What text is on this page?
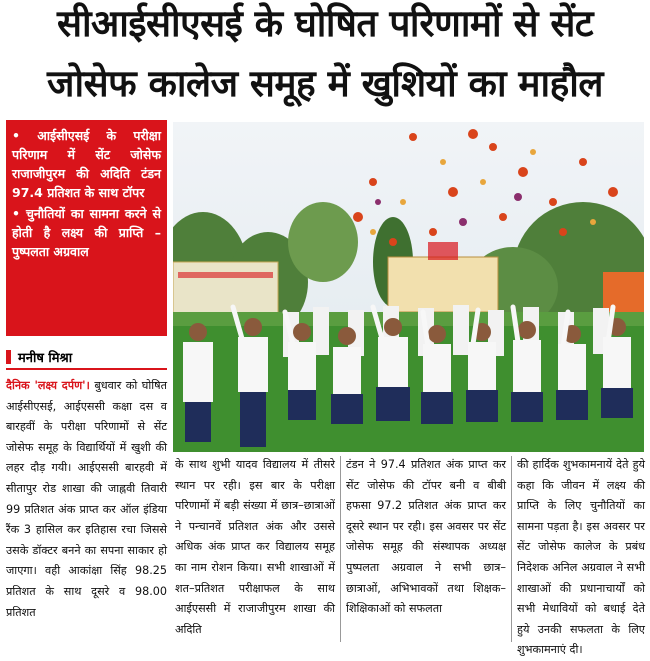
सीआईसीएसई के घोषित परिणामों से सेंट
जोसेफ कालेज समूह में खुशियों का माहौल

• आईसीएसई के परीक्षा परिणाम में सेंट जोसेफ राजाजीपुरम की अदिति टंडन 97.4 प्रतिशत के साथ टॉपर

• चुनौतियों का सामना करने से होती है लक्ष्य की प्राप्ति – पुष्पलता अग्रवाल

मनीष मिश्रा
दैनिक 'लक्ष्य दर्पण'। बुधवार को घोषित आईसीएसई, आईएससी कक्षा दस व बारहवीं के परीक्षा परिणामों से सेंट जोसेफ समूह के विद्यार्थियों में खुशी की लहर दौड़ गयी। आईएससी बारहवी में सीतापुर रोड शाखा की जाह्नवी तिवारी 99 प्रतिशत अंक प्राप्त कर ऑल इंडिया रैंक 3 हासिल कर इतिहास रचा जिससे उसके डॉक्टर बनने का सपना साकार हो जाएगा। वही आकांक्षा सिंह 98.25 प्रतिशत के साथ दूसरे व 98.00 प्रतिशत
के साथ शुभी यादव विद्यालय में तीसरे स्थान पर रही। इस बार के परीक्षा परिणामों में बड़ी संख्या में छात्र–छात्राओं ने पन्चानवें प्रतिशत अंक और उससे अधिक अंक प्राप्त कर विद्यालय समूह का नाम रोशन किया। सभी शाखाओं में शत–प्रतिशत परीक्षाफल के साथ आईएससी में राजाजीपुरम शाखा की अदिति
टंडन ने 97.4 प्रतिशत अंक प्राप्त कर सेंट जोसेफ की टॉपर बनी व बीबी हफसा 97.2 प्रतिशत अंक प्राप्त कर दूसरे स्थान पर रही। इस अवसर पर सेंट जोसेफ समूह की संस्थापक अध्यक्ष पुष्पलता अग्रवाल ने सभी छात्र–छात्राओं, अभिभावकों तथा शिक्षक–शिक्षिकाओं को सफलता
की हार्दिक शुभकामनायें देते हुये कहा कि जीवन में लक्ष्य की प्राप्ति के लिए चुनौतियों का सामना पड़ता है। इस अवसर पर सेंट जोसेफ कालेज के प्रबंध निदेशक अनिल अग्रवाल ने सभी शाखाओं की प्रधानाचार्यों को सभी मेधावियों को बधाई देते हुये उनकी सफलता के लिए शुभकामनाएं दी।
